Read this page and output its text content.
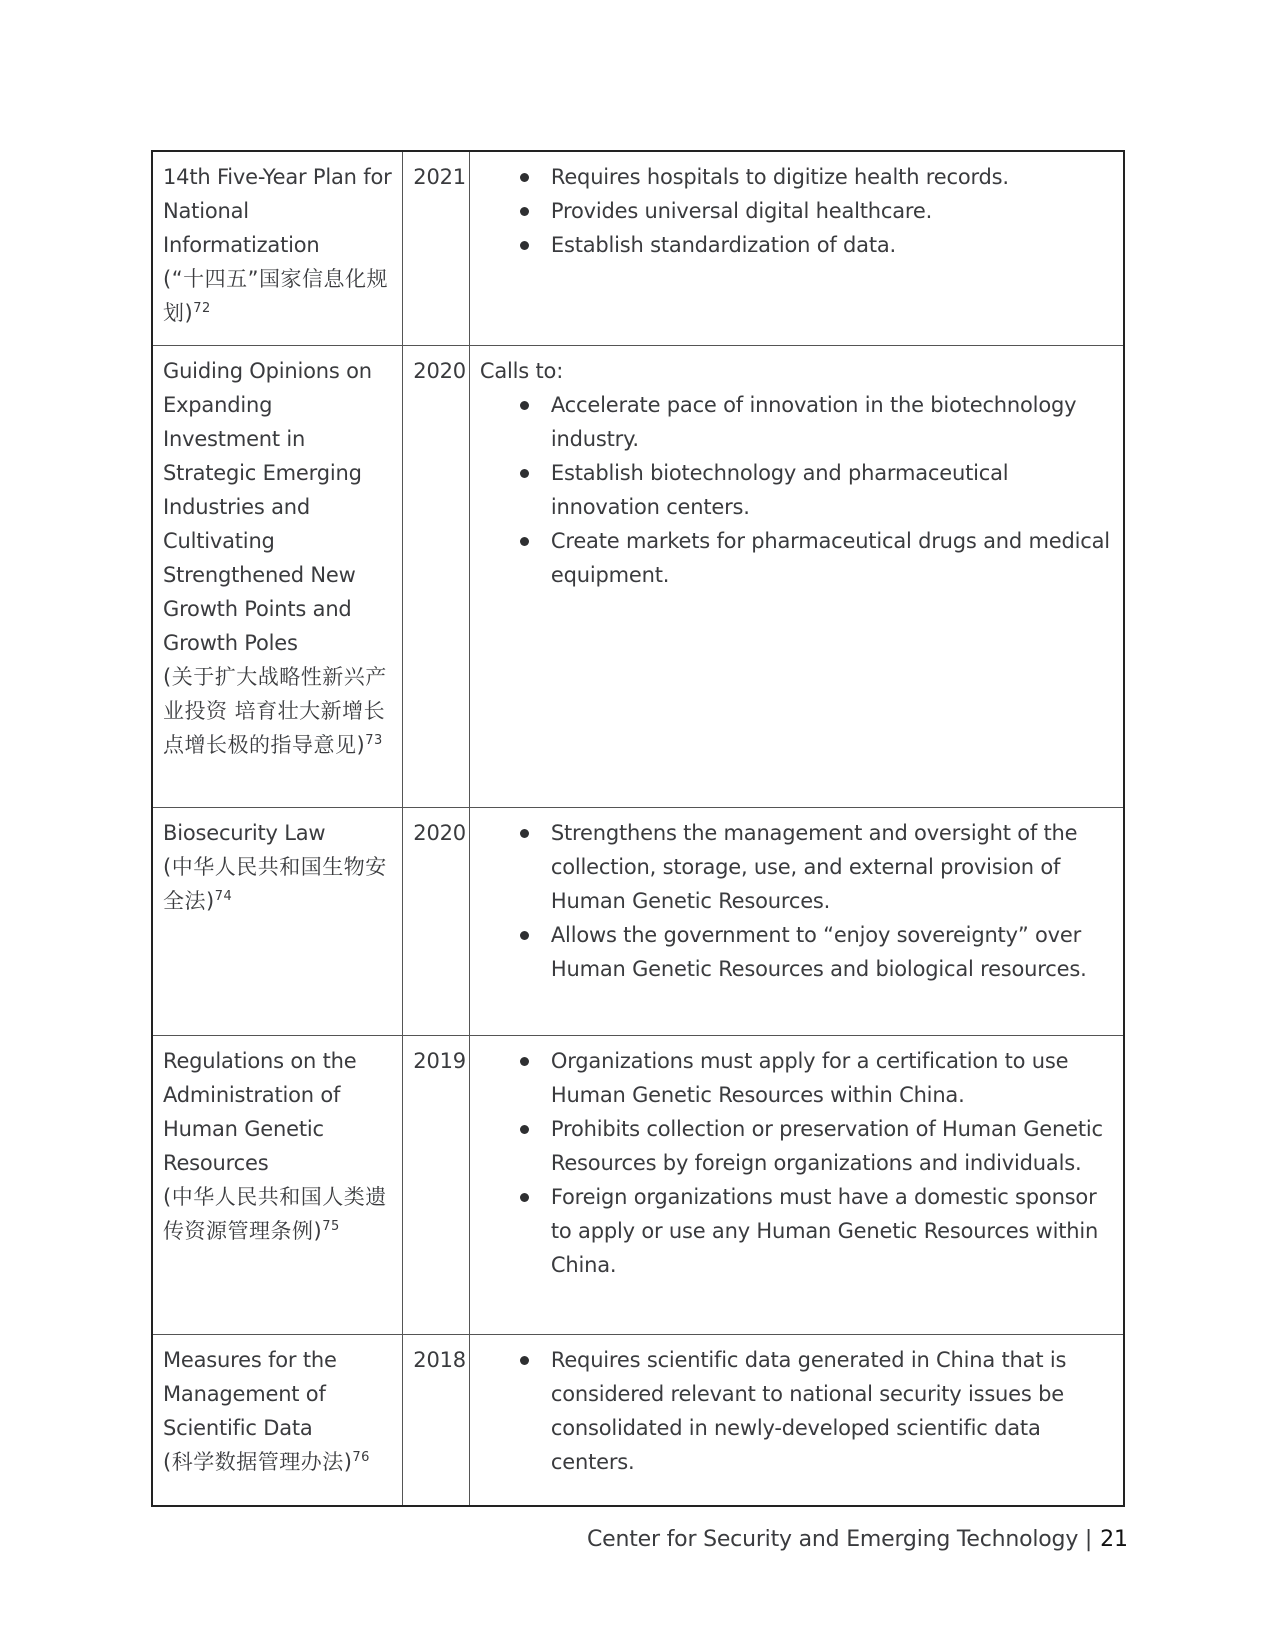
14th Five-Year Plan for National Informatization
(“十四五”国家信息化规划)$^{72}$
	2021	Requires hospitals to digitize health records.
Provides universal digital healthcare.
Establish standardization of data.

Guiding Opinions on Expanding Investment in Strategic Emerging Industries and Cultivating Strengthened New Growth Points and Growth Poles
(关于扩大战略性新兴产业投资 培育壮大新增长点增长极的指导意见)$^{73}$
	2020	Calls to:
Accelerate pace of innovation in the biotechnology industry.
Establish biotechnology and pharmaceutical innovation centers.
Create markets for pharmaceutical drugs and medical equipment.

Biosecurity Law
(中华人民共和国生物安全法)$^{74}$
	2020	Strengthens the management and oversight of the collection, storage, use, and external provision of Human Genetic Resources.
Allows the government to “enjoy sovereignty” over Human Genetic Resources and biological resources.

Regulations on the Administration of Human Genetic Resources
(中华人民共和国人类遗传资源管理条例)$^{75}$
	2019	Organizations must apply for a certification to use Human Genetic Resources within China.
Prohibits collection or preservation of Human Genetic Resources by foreign organizations and individuals.
Foreign organizations must have a domestic sponsor to apply or use any Human Genetic Resources within China.

Measures for the Management of Scientific Data
(科学数据管理办法)$^{76}$
	2018	Requires scientific data generated in China that is considered relevant to national security issues be consolidated in newly-developed scientific data centers.
Center for Security and Emerging Technology | 21
